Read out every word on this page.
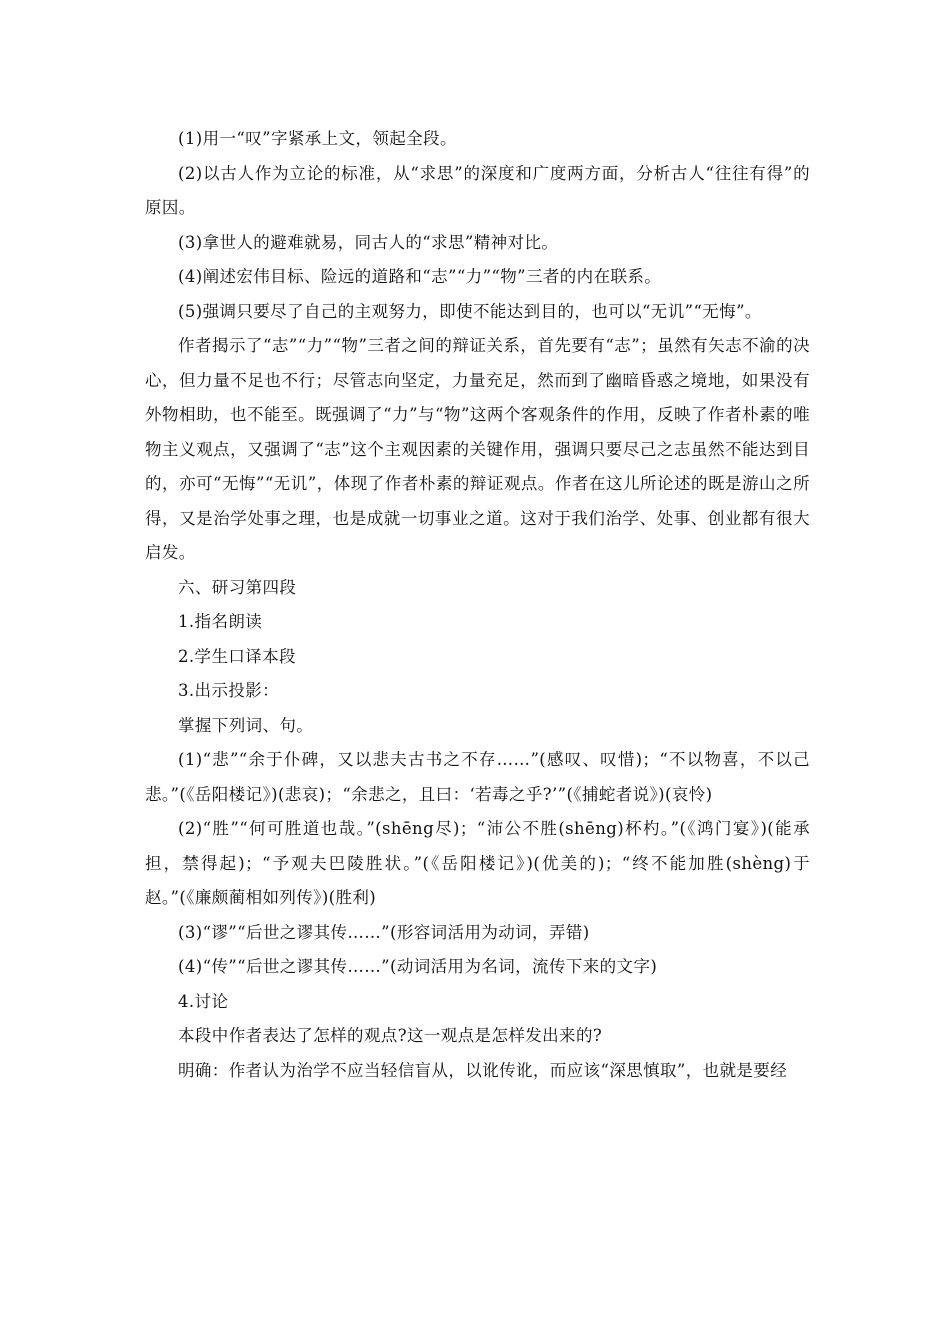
(1)用一“叹”字紧承上文，领起全段。

(2)以古人作为立论的标准，从“求思”的深度和广度两方面，分析古人“往往有得”的原因。

(3)拿世人的避难就易，同古人的“求思”精神对比。

(4)阐述宏伟目标、险远的道路和“志”“力”“物”三者的内在联系。

(5)强调只要尽了自己的主观努力，即使不能达到目的，也可以“无讥”“无悔”。

作者揭示了“志”“力”“物”三者之间的辩证关系，首先要有“志”；虽然有矢志不渝的决心，但力量不足也不行；尽管志向坚定，力量充足，然而到了幽暗昏惑之境地，如果没有外物相助，也不能至。既强调了“力”与“物”这两个客观条件的作用，反映了作者朴素的唯物主义观点，又强调了“志”这个主观因素的关键作用，强调只要尽己之志虽然不能达到目的，亦可“无悔”“无讥”，体现了作者朴素的辩证观点。作者在这儿所论述的既是游山之所得，又是治学处事之理，也是成就一切事业之道。这对于我们治学、处事、创业都有很大启发。

六、研习第四段

1.指名朗读

2.学生口译本段

3.出示投影：

掌握下列词、句。

(1)“悲”“余于仆碑，又以悲夫古书之不存……”(感叹、叹惜)；“不以物喜，不以己悲。”(《岳阳楼记》)(悲哀)；“余悲之，且曰：‘若毒之乎?’”(《捕蛇者说》)(哀怜)

(2)“胜”“何可胜道也哉。”(shēng尽)；“沛公不胜(shēng)杯杓。”(《鸿门宴》)(能承担，禁得起)；“予观夫巴陵胜状。”(《岳阳楼记》)(优美的)；“终不能加胜(shèng)于赵。”(《廉颇蔺相如列传》)(胜利)

(3)“谬”“后世之谬其传……”(形容词活用为动词，弄错)

(4)“传”“后世之谬其传……”(动词活用为名词，流传下来的文字)

4.讨论

本段中作者表达了怎样的观点?这一观点是怎样发出来的?

明确：作者认为治学不应当轻信盲从，以讹传讹，而应该“深思慎取”，也就是要经
